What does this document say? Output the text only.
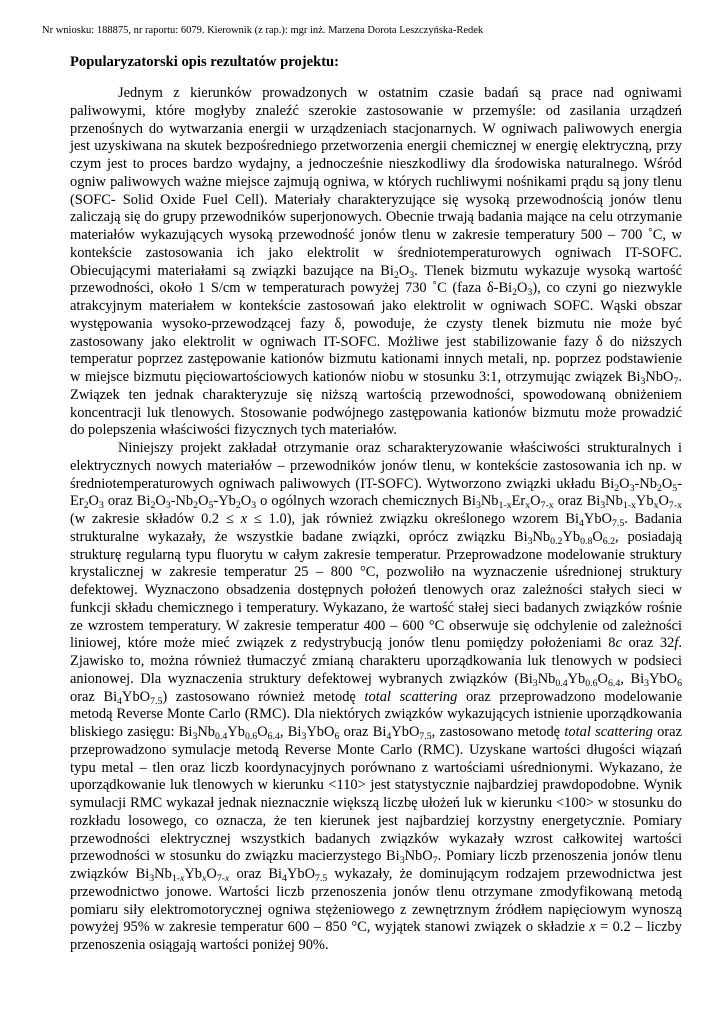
Nr wniosku: 188875, nr raportu: 6079. Kierownik (z rap.): mgr inż. Marzena Dorota Leszczyńska-Redek
Popularyzatorski opis rezultatów projektu:

Jednym z kierunków prowadzonych w ostatnim czasie badań są prace nad ogniwami paliwowymi, które mogłyby znaleźć szerokie zastosowanie w przemyśle: od zasilania urządzeń przenośnych do wytwarzania energii w urządzeniach stacjonarnych. W ogniwach paliwowych energia jest uzyskiwana na skutek bezpośredniego przetworzenia energii chemicznej w energię elektryczną, przy czym jest to proces bardzo wydajny, a jednocześnie nieszkodliwy dla środowiska naturalnego. Wśród ogniw paliwowych ważne miejsce zajmują ogniwa, w których ruchliwymi nośnikami prądu są jony tlenu (SOFC- Solid Oxide Fuel Cell). Materiały charakteryzujące się wysoką przewodnością jonów tlenu zaliczają się do grupy przewodników superjonowych. Obecnie trwają badania mające na celu otrzymanie materiałów wykazujących wysoką przewodność jonów tlenu w zakresie temperatury 500 – 700 ˚C, w kontekście zastosowania ich jako elektrolit w średniotemperaturowych ogniwach IT-SOFC. Obiecującymi materiałami są związki bazujące na $Bi_2O_3$. Tlenek bizmutu wykazuje wysoką wartość przewodności, około 1 S/cm w temperaturach powyżej 730 ˚C (faza $\delta-Bi_2O_3$), co czyni go niezwykle atrakcyjnym materiałem w kontekście zastosowań jako elektrolit w ogniwach SOFC. Wąski obszar występowania wysoko-przewodzącej fazy δ, powoduje, że czysty tlenek bizmutu nie może być zastosowany jako elektrolit w ogniwach IT-SOFC. Możliwe jest stabilizowanie fazy δ do niższych temperatur poprzez zastępowanie kationów bizmutu kationami innych metali, np. poprzez podstawienie w miejsce bizmutu pięciowartościowych kationów niobu w stosunku 3:1, otrzymując związek $Bi_3NbO_7$. Związek ten jednak charakteryzuje się niższą wartością przewodności, spowodowaną obniżeniem koncentracji luk tlenowych. Stosowanie podwójnego zastępowania kationów bizmutu może prowadzić do polepszenia właściwości fizycznych tych materiałów.

Niniejszy projekt zakładał otrzymanie oraz scharakteryzowanie właściwości strukturalnych i elektrycznych nowych materiałów – przewodników jonów tlenu, w kontekście zastosowania ich np. w średniotemperaturowych ogniwach paliwowych (IT-SOFC). Wytworzono związki układu $Bi_2O_3-Nb_2O_5-Er_2O_3$ oraz $Bi_2O_3-Nb_2O_5-Yb_2O_3$ o ogólnych wzorach chemicznych $Bi_3Nb_{1-x}Er_xO_{7-x}$ oraz $Bi_3Nb_{1-x}Yb_xO_{7-x}$ (w zakresie składów 0.2 ≤ x ≤ 1.0), jak również związku określonego wzorem $Bi_4YbO_{7.5}$. Badania strukturalne wykazały, że wszystkie badane związki, oprócz związku $Bi_3Nb_{0.2}Yb_{0.8}O_{6.2}$, posiadają strukturę regularną typu fluorytu w całym zakresie temperatur. Przeprowadzone modelowanie struktury krystalicznej w zakresie temperatur 25 – 800 °C, pozwoliło na wyznaczenie uśrednionej struktury defektowej. Wyznaczono obsadzenia dostępnych położeń tlenowych oraz zależności stałych sieci w funkcji składu chemicznego i temperatury. Wykazano, że wartość stałej sieci badanych związków rośnie ze wzrostem temperatury. W zakresie temperatur 400 – 600 °C obserwuje się odchylenie od zależności liniowej, które może mieć związek z redystrybucją jonów tlenu pomiędzy położeniami 8c oraz 32f. Zjawisko to, można również tłumaczyć zmianą charakteru uporządkowania luk tlenowych w podsieci anionowej. Dla wyznaczenia struktury defektowej wybranych związków ($Bi_3Nb_{0.4}Yb_{0.6}O_{6.4}$, $Bi_3YbO_6$ oraz $Bi_4YbO_{7.5}$) zastosowano również metodę total scattering oraz przeprowadzono modelowanie metodą Reverse Monte Carlo (RMC). Dla niektórych związków wykazujących istnienie uporządkowania bliskiego zasięgu: $Bi_3Nb_{0.4}Yb_{0.6}O_{6.4}$, $Bi_3YbO_6$ oraz $Bi_4YbO_{7.5}$, zastosowano metodę total scattering oraz przeprowadzono symulacje metodą Reverse Monte Carlo (RMC). Uzyskane wartości długości wiązań typu metal – tlen oraz liczb koordynacyjnych porównano z wartościami uśrednionymi. Wykazano, że uporządkowanie luk tlenowych w kierunku <110> jest statystycznie najbardziej prawdopodobne. Wynik symulacji RMC wykazał jednak nieznacznie większą liczbę ułożeń luk w kierunku <100> w stosunku do rozkładu losowego, co oznacza, że ten kierunek jest najbardziej korzystny energetycznie. Pomiary przewodności elektrycznej wszystkich badanych związków wykazały wzrost całkowitej wartości przewodności w stosunku do związku macierzystego $Bi_3NbO_7$. Pomiary liczb przenoszenia jonów tlenu związków $Bi_3Nb_{1-x}Yb_xO_{7-x}$ oraz $Bi_4YbO_{7.5}$ wykazały, że dominującym rodzajem przewodnictwa jest przewodnictwo jonowe. Wartości liczb przenoszenia jonów tlenu otrzymane zmodyfikowaną metodą pomiaru siły elektromotorycznej ogniwa stężeniowego z zewnętrznym źródłem napięciowym wynoszą powyżej 95% w zakresie temperatur 600 – 850 °C, wyjątek stanowi związek o składzie x = 0.2 – liczby przenoszenia osiągają wartości poniżej 90%.
